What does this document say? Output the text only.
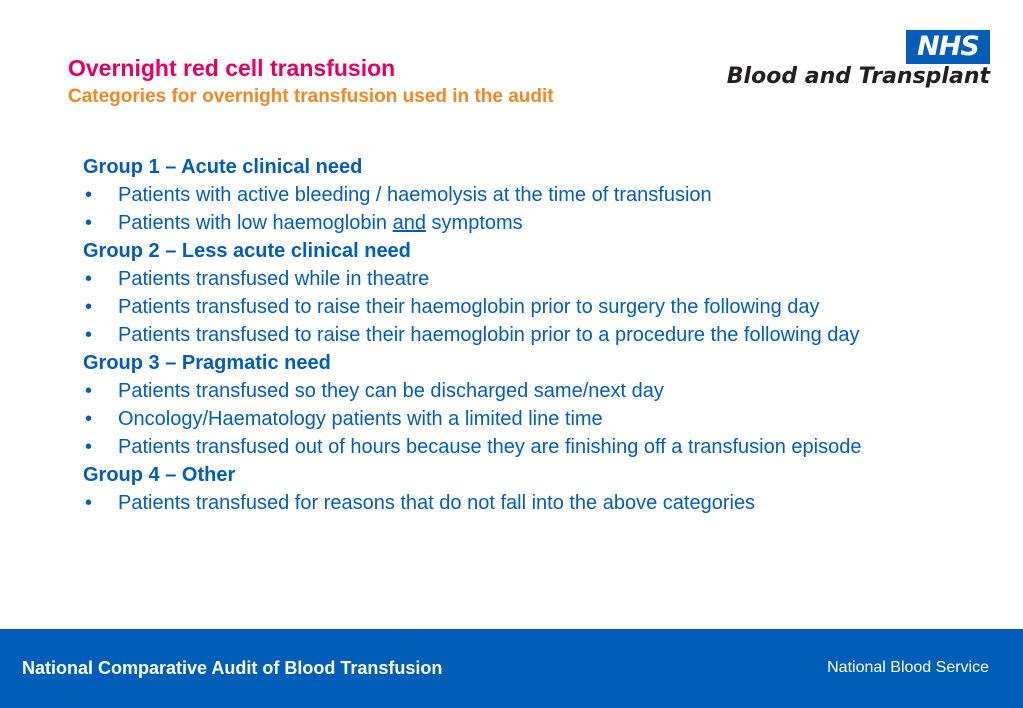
Overnight red cell transfusion
Categories for overnight transfusion used in the audit
NHS
Blood and Transplant
Group 1 – Acute clinical need
• Patients with active bleeding / haemolysis at the time of transfusion
• Patients with low haemoglobin and symptoms
Group 2 – Less acute clinical need
• Patients transfused while in theatre
• Patients transfused to raise their haemoglobin prior to surgery the following day
• Patients transfused to raise their haemoglobin prior to a procedure the following day
Group 3 – Pragmatic need
• Patients transfused so they can be discharged same/next day
• Oncology/Haematology patients with a limited line time
• Patients transfused out of hours because they are finishing off a transfusion episode
Group 4 – Other
• Patients transfused for reasons that do not fall into the above categories
National Comparative Audit of Blood Transfusion	National Blood Service
